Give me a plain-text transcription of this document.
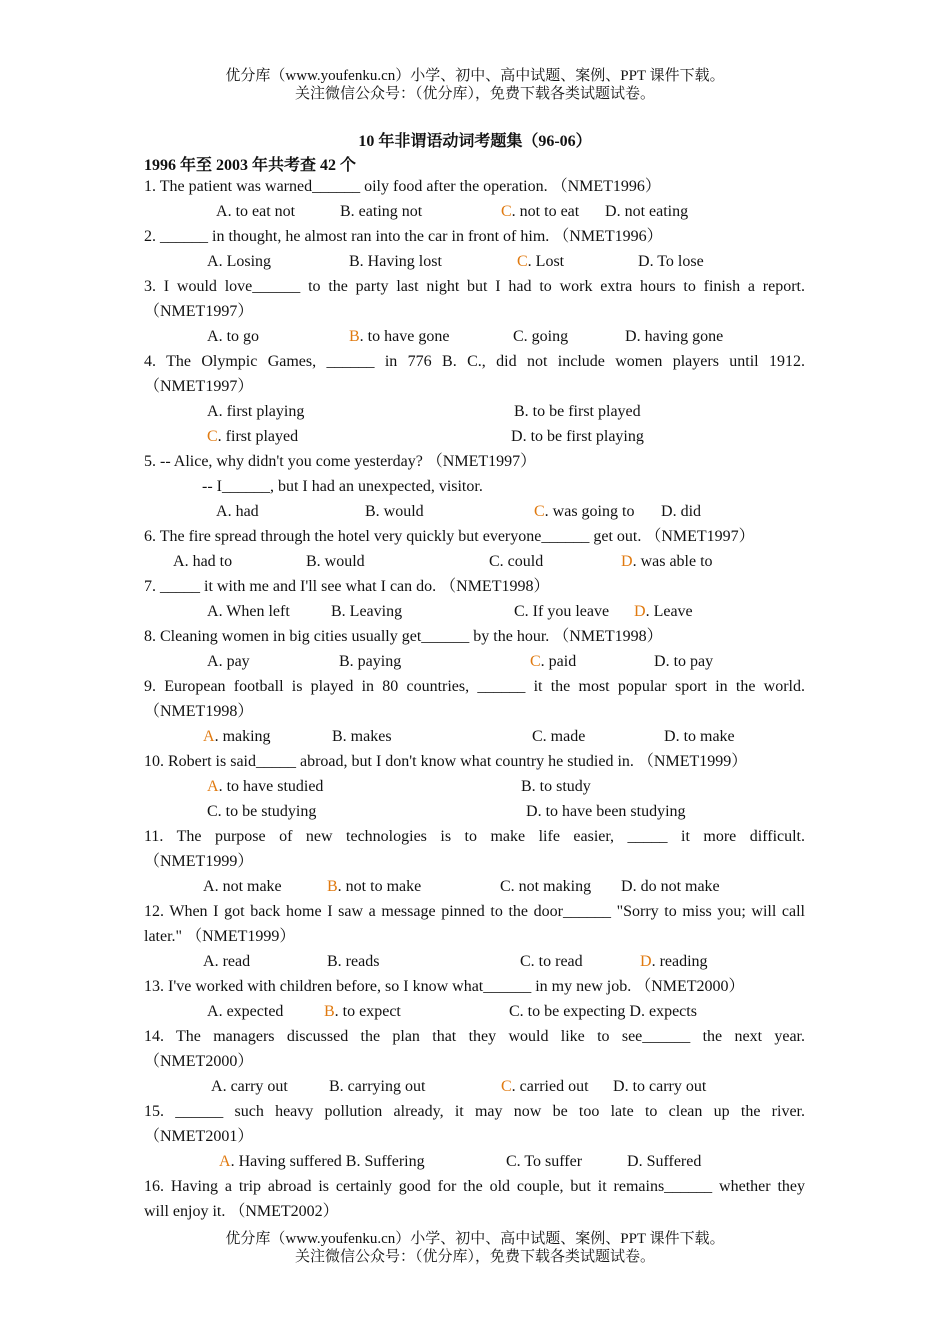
优分库（www.youfenku.cn）小学、初中、高中试题、案例、PPT 课件下载。
关注微信公众号：（优分库），免费下载各类试题试卷。
10 年非谓语动词考题集（96-06）
1996 年至 2003 年共考查 42 个
1. The patient was warned______ oily food after the operation. （NMET1996）
A. to eat not	B. eating not	C. not to eat D. not eating
2. ______ in thought, he almost ran into the car in front of him. （NMET1996）
A. Losing	B. Having lost	C. Lost	D. To lose
3. I would love______ to the party last night but I had to work extra hours to finish a report.
（NMET1997）
A. to go	B. to have gone	C. going	D. having gone
4. The Olympic Games, ______ in 776 B. C., did not include women players until 1912.
（NMET1997）
A. first playing	B. to be first played
C. first played	D. to be first playing
5. -- Alice, why didn't you come yesterday? （NMET1997）
-- I______, but I had an unexpected, visitor.
A. had	B. would	C. was going to D. did
6. The fire spread through the hotel very quickly but everyone______ get out. （NMET1997）
A. had to	B. would	C. could	D. was able to
7. _____ it with me and I'll see what I can do. （NMET1998）
A. When left	B. Leaving	C. If you leave D. Leave
8. Cleaning women in big cities usually get______ by the hour. （NMET1998）
A. pay	B. paying	C. paid	D. to pay
9. European football is played in 80 countries, ______ it the most popular sport in the world.
（NMET1998）
A. making	B. makes	C. made	D. to make
10. Robert is said_____ abroad, but I don't know what country he studied in. （NMET1999）
A. to have studied	B. to study
C. to be studying	D. to have been studying
11. The purpose of new technologies is to make life easier, _____ it more difficult.
（NMET1999）
A. not make	B. not to make	C. not making D. do not make
12. When I got back home I saw a message pinned to the door______ "Sorry to miss you; will call
later." （NMET1999）
A. read	B. reads	C. to read	D. reading
13. I've worked with children before, so I know what______ in my new job. （NMET2000）
A. expected	B. to expect	C. to be expecting D. expects
14. The managers discussed the plan that they would like to see______ the next year.
（NMET2000）
A. carry out	B. carrying out	C. carried out D. to carry out
15. ______ such heavy pollution already, it may now be too late to clean up the river.
（NMET2001）
A. Having suffered B. Suffering	C. To suffer	D. Suffered
16. Having a trip abroad is certainly good for the old couple, but it remains______ whether they
will enjoy it. （NMET2002）
优分库（www.youfenku.cn）小学、初中、高中试题、案例、PPT 课件下载。
关注微信公众号：（优分库），免费下载各类试题试卷。
